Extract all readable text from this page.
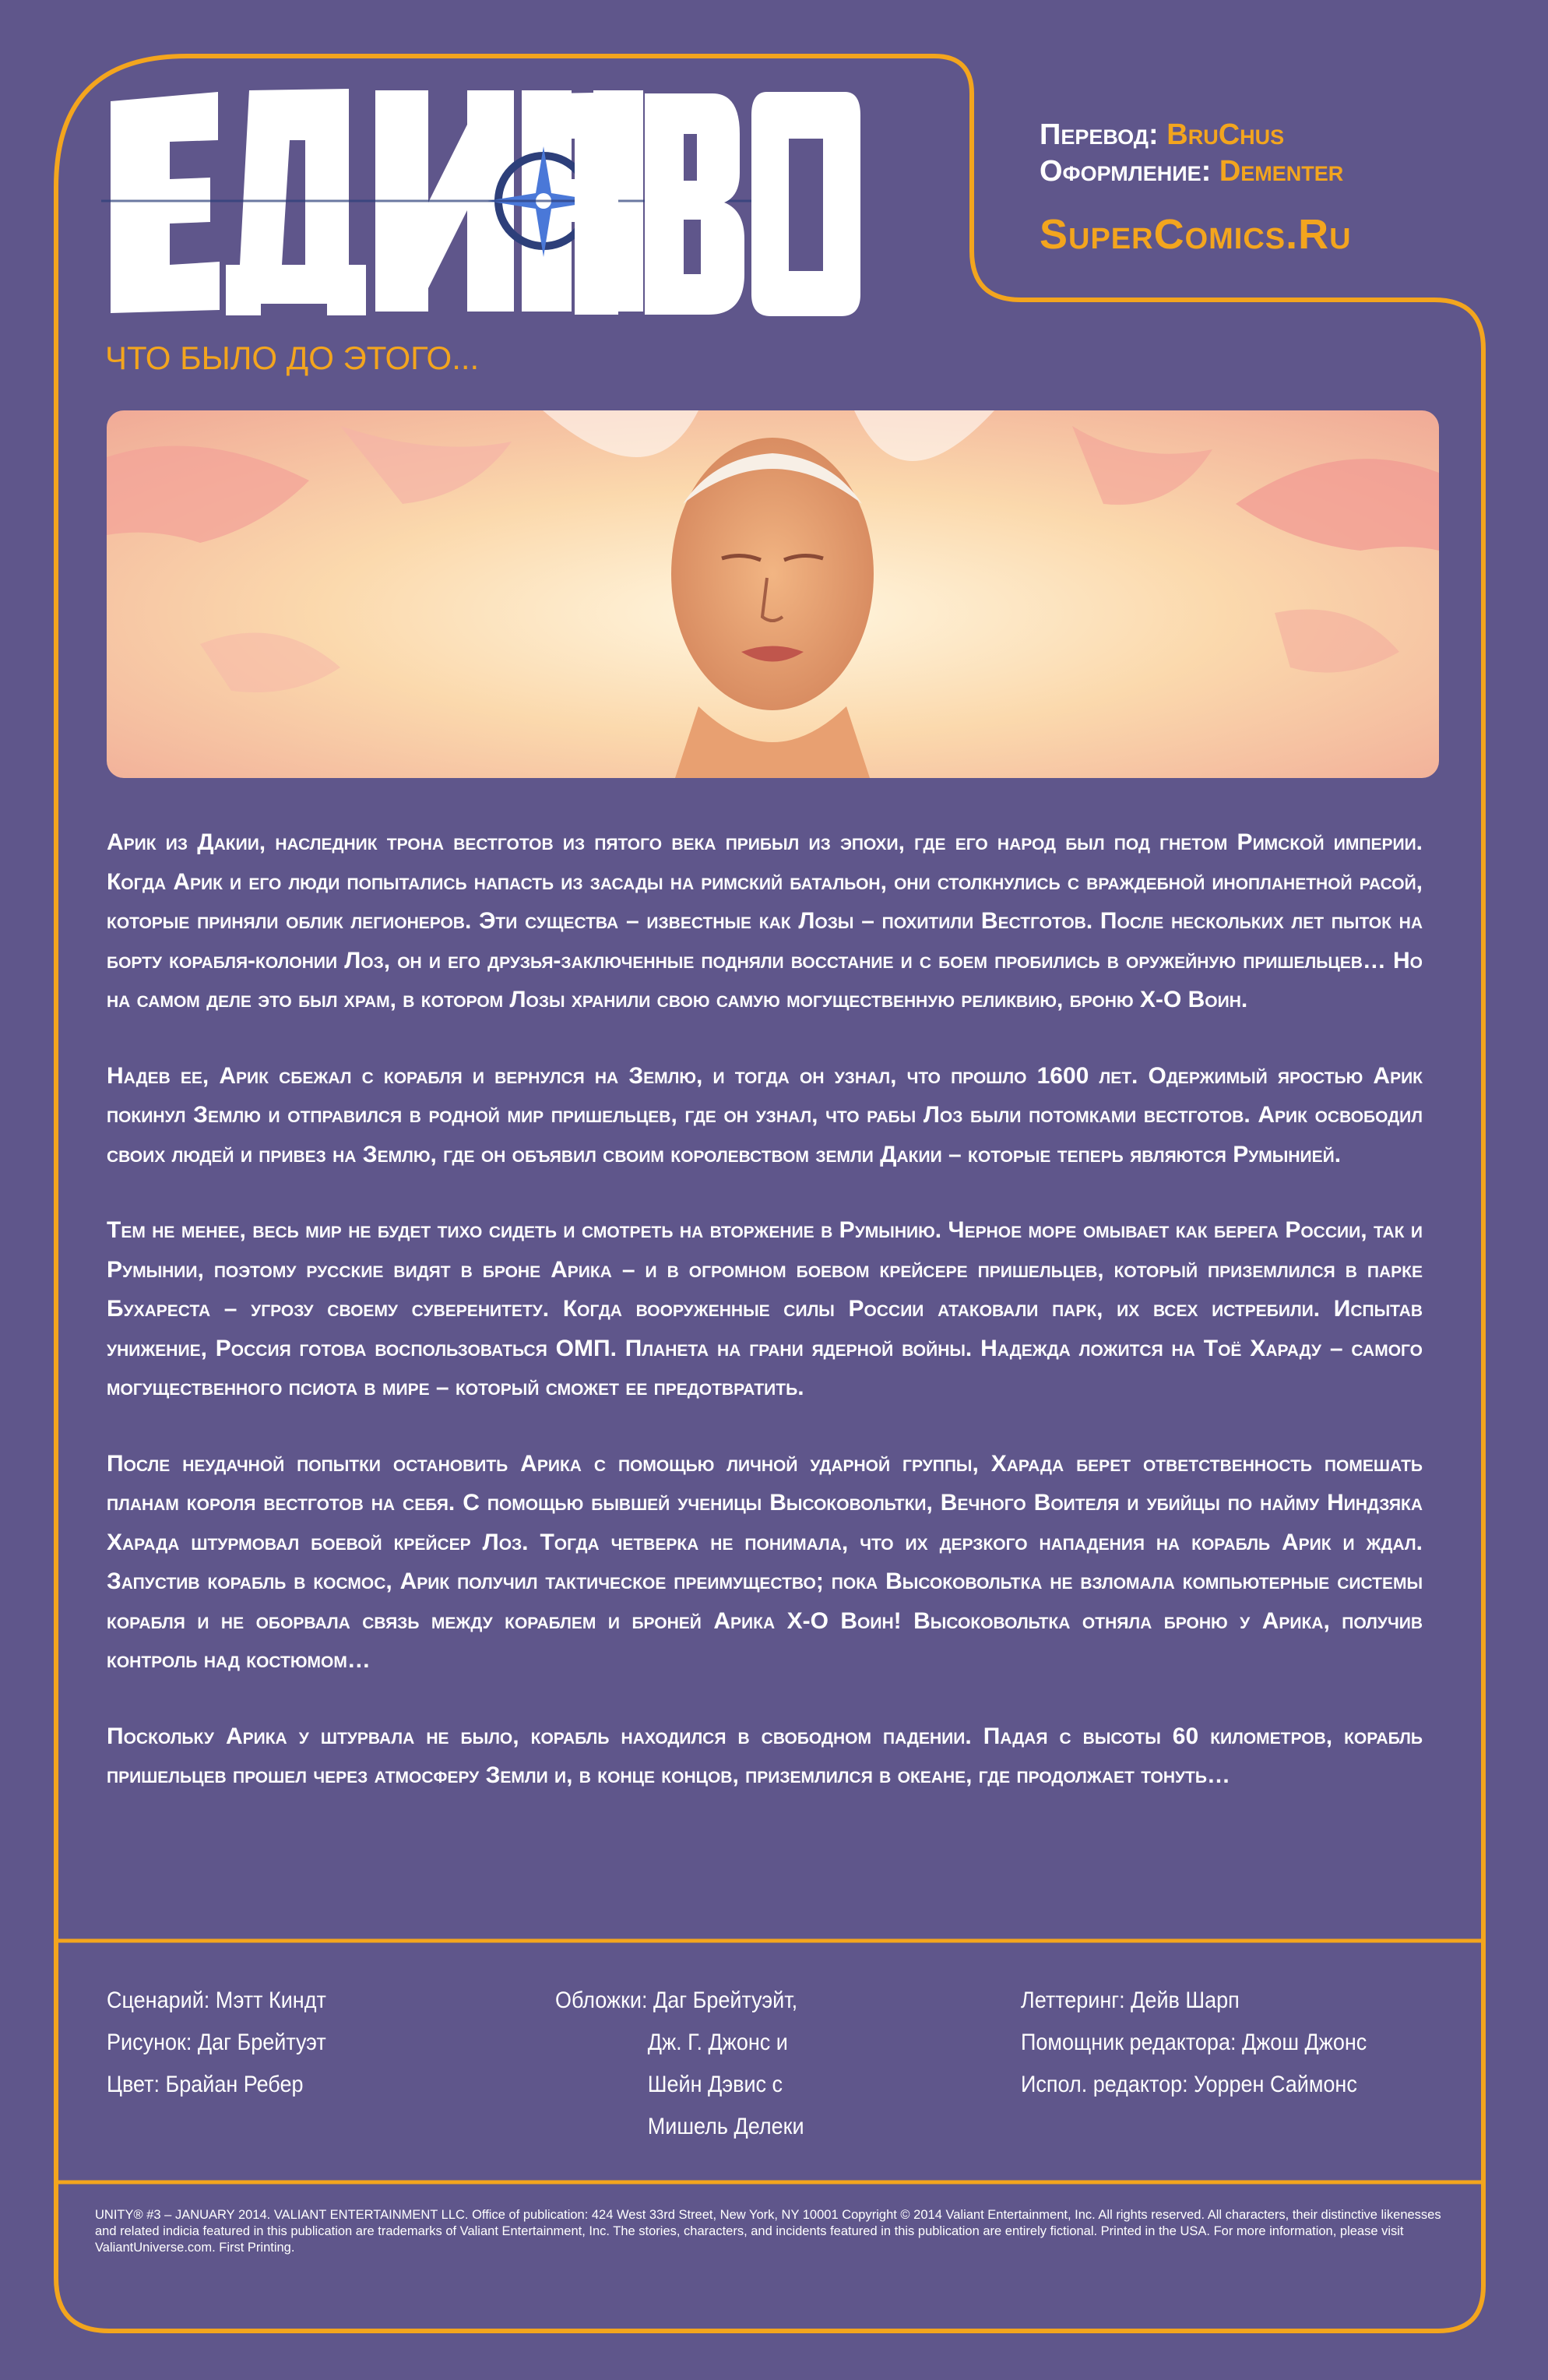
Перевод: BruChus
Оформление: Dementer
SuperComics.Ru
ЧТО БЫЛО ДО ЭТОГО...

Арик из Дакии, наследник трона вестготов из пятого века прибыл из эпохи, где его народ был под гнетом Римской империи. Когда Арик и его люди попытались напасть из засады на римский батальон, они столкнулись с враждебной инопланетной расой, которые приняли облик легионеров. Эти существа – известные как Лозы – похитили Вестготов. После нескольких лет пыток на борту корабля-колонии Лоз, он и его друзья-заключенные подняли восстание и с боем пробились в оружейную пришельцев… Но на самом деле это был храм, в котором Лозы хранили свою самую могущественную реликвию, броню Х-О Воин.

Надев ее, Арик сбежал с корабля и вернулся на Землю, и тогда он узнал, что прошло 1600 лет. Одержимый яростью Арик покинул Землю и отправился в родной мир пришельцев, где он узнал, что рабы Лоз были потомками вестготов. Арик освободил своих людей и привез на Землю, где он объявил своим королевством земли Дакии – которые теперь являются Румынией.

Тем не менее, весь мир не будет тихо сидеть и смотреть на вторжение в Румынию. Черное море омывает как берега России, так и Румынии, поэтому русские видят в броне Арика – и в огромном боевом крейсере пришельцев, который приземлился в парке Бухареста – угрозу своему суверенитету. Когда вооруженные силы России атаковали парк, их всех истребили. Испытав унижение, Россия готова воспользоваться ОМП. Планета на грани ядерной войны. Надежда ложится на Тоё Хараду – самого могущественного псиота в мире – который сможет ее предотвратить.

После неудачной попытки остановить Арика с помощью личной ударной группы, Харада берет ответственность помешать планам короля вестготов на себя. С помощью бывшей ученицы Высоковольтки, Вечного Воителя и убийцы по найму Ниндзяка Харада штурмовал боевой крейсер Лоз. Тогда четверка не понимала, что их дерзкого нападения на корабль Арик и ждал. Запустив корабль в космос, Арик получил тактическое преимущество; пока Высоковольтка не взломала компьютерные системы корабля и не оборвала связь между кораблем и броней Арика Х-О Воин! Высоковольтка отняла броню у Арика, получив контроль над костюмом…

Поскольку Арика у штурвала не было, корабль находился в свободном падении. Падая с высоты 60 километров, корабль пришельцев прошел через атмосферу Земли и, в конце концов, приземлился в океане, где продолжает тонуть…

Сценарий: Мэтт Киндт
Рисунок: Даг Брейтуэт
Цвет: Брайан Ребер
Обложки: Даг Брейтуэйт,
Дж. Г. Джонс и
Шейн Дэвис с
Мишель Делеки
Леттеринг: Дейв Шарп
Помощник редактора: Джош Джонс
Испол. редактор: Уоррен Саймонс
UNITY® #3 – JANUARY 2014. VALIANT ENTERTAINMENT LLC. Office of publication: 424 West 33rd Street, New York, NY 10001 Copyright © 2014 Valiant Entertainment, Inc. All rights reserved. All characters, their distinctive likenesses and related indicia featured in this publication are trademarks of Valiant Entertainment, Inc. The stories, characters, and incidents featured in this publication are entirely fictional. Printed in the USA. For more information, please visit ValiantUniverse.com. First Printing.
